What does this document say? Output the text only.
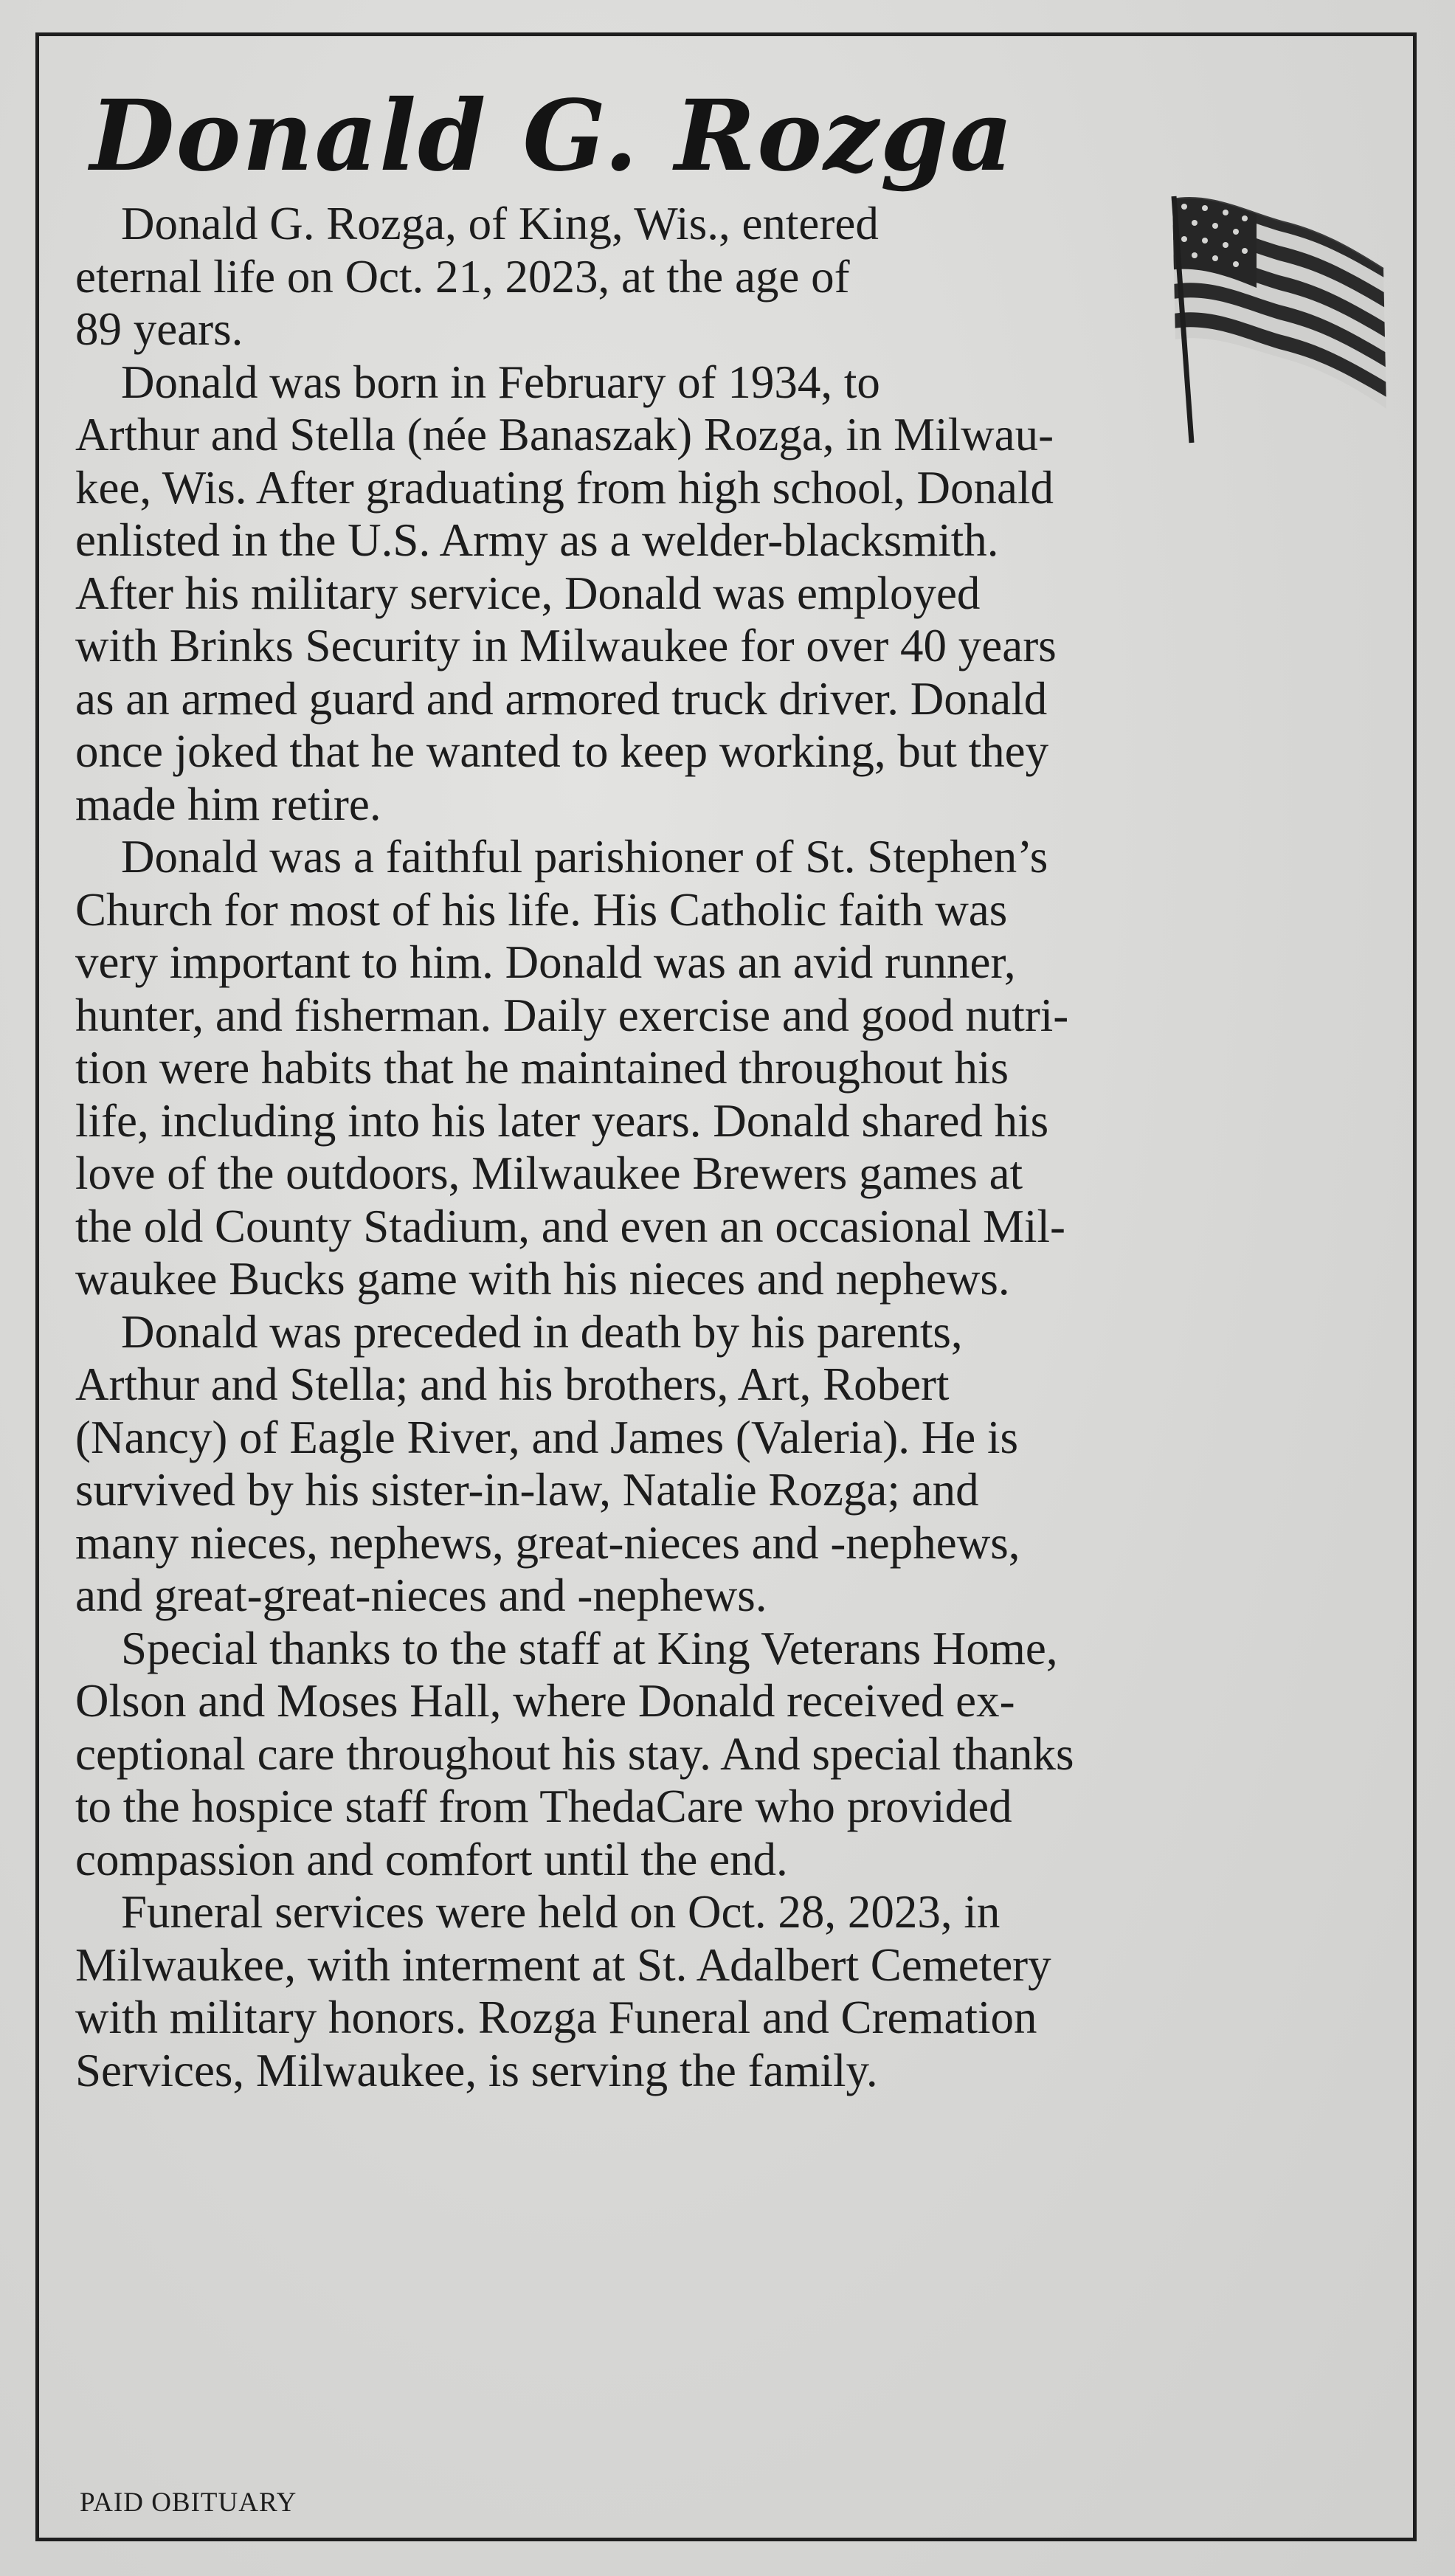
Donald G. Rozga
Donald G. Rozga, of King, Wis., entered
eternal life on Oct. 21, 2023, at the age of
89 years.
Donald was born in February of 1934, to
Arthur and Stella (née Banaszak) Rozga, in Milwau-
kee, Wis. After graduating from high school, Donald
enlisted in the U.S. Army as a welder-blacksmith.
After his military service, Donald was employed
with Brinks Security in Milwaukee for over 40 years
as an armed guard and armored truck driver. Donald
once joked that he wanted to keep working, but they
made him retire.
Donald was a faithful parishioner of St. Stephen’s
Church for most of his life. His Catholic faith was
very important to him. Donald was an avid runner,
hunter, and fisherman. Daily exercise and good nutri-
tion were habits that he maintained throughout his
life, including into his later years. Donald shared his
love of the outdoors, Milwaukee Brewers games at
the old County Stadium, and even an occasional Mil-
waukee Bucks game with his nieces and nephews.
Donald was preceded in death by his parents,
Arthur and Stella; and his brothers, Art, Robert
(Nancy) of Eagle River, and James (Valeria). He is
survived by his sister-in-law, Natalie Rozga; and
many nieces, nephews, great-nieces and -nephews,
and great-great-nieces and -nephews.
Special thanks to the staff at King Veterans Home,
Olson and Moses Hall, where Donald received ex-
ceptional care throughout his stay. And special thanks
to the hospice staff from ThedaCare who provided
compassion and comfort until the end.
Funeral services were held on Oct. 28, 2023, in
Milwaukee, with interment at St. Adalbert Cemetery
with military honors. Rozga Funeral and Cremation
Services, Milwaukee, is serving the family.
PAID OBITUARY
